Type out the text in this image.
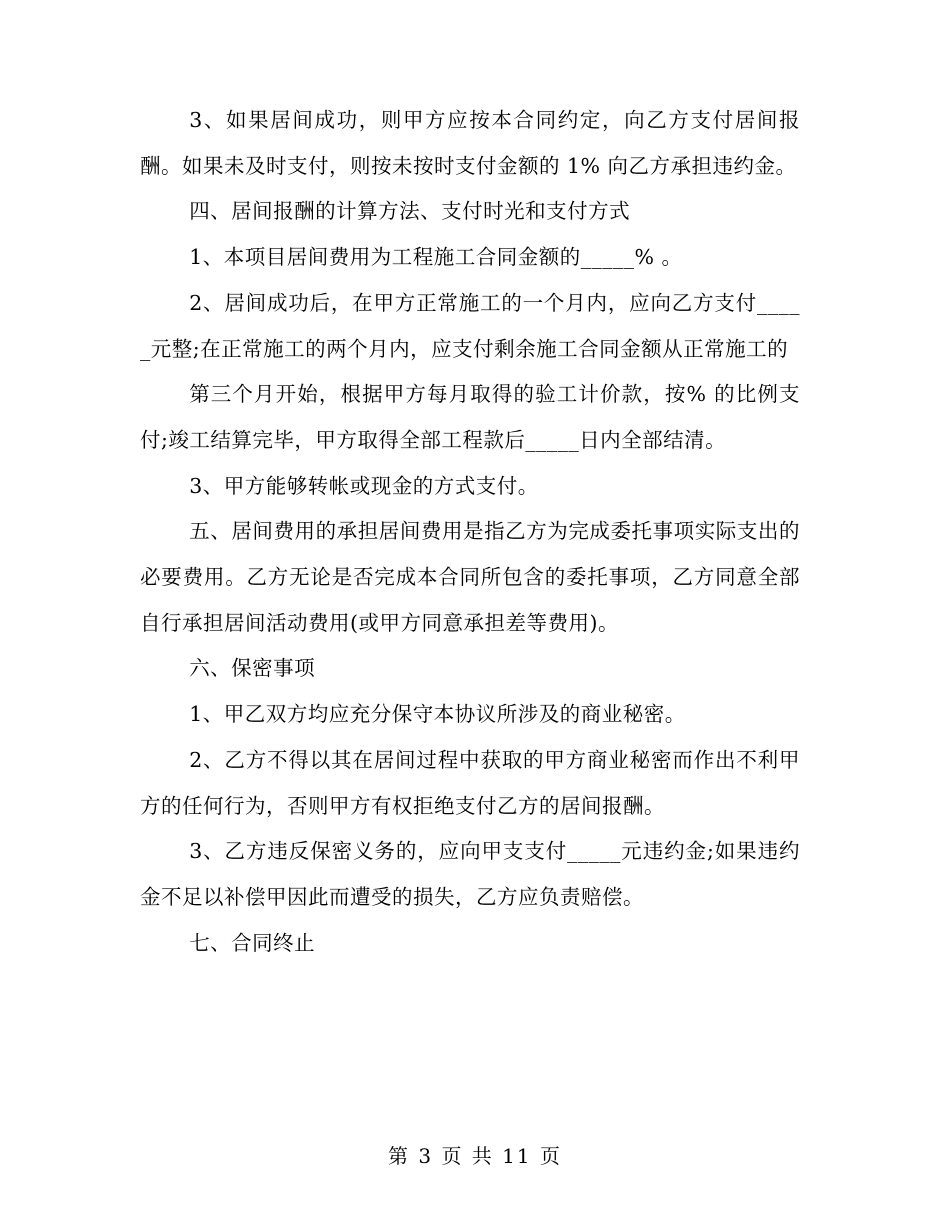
3、如果居间成功，则甲方应按本合同约定，向乙方支付居间报酬。如果未及时支付，则按未按时支付金额的 1% 向乙方承担违约金。

四、居间报酬的计算方法、支付时光和支付方式

1、本项目居间费用为工程施工合同金额的_____% 。

2、居间成功后，在甲方正常施工的一个月内，应向乙方支付_____元整;在正常施工的两个月内，应支付剩余施工合同金额从正常施工的

第三个月开始，根据甲方每月取得的验工计价款，按% 的比例支付;竣工结算完毕，甲方取得全部工程款后_____日内全部结清。

3、甲方能够转帐或现金的方式支付。

五、居间费用的承担居间费用是指乙方为完成委托事项实际支出的必要费用。乙方无论是否完成本合同所包含的委托事项，乙方同意全部自行承担居间活动费用(或甲方同意承担差等费用)。

六、保密事项

1、甲乙双方均应充分保守本协议所涉及的商业秘密。

2、乙方不得以其在居间过程中获取的甲方商业秘密而作出不利甲方的任何行为，否则甲方有权拒绝支付乙方的居间报酬。

3、乙方违反保密义务的，应向甲支支付_____元违约金;如果违约金不足以补偿甲因此而遭受的损失，乙方应负责赔偿。

七、合同终止

第 3 页 共 11 页
